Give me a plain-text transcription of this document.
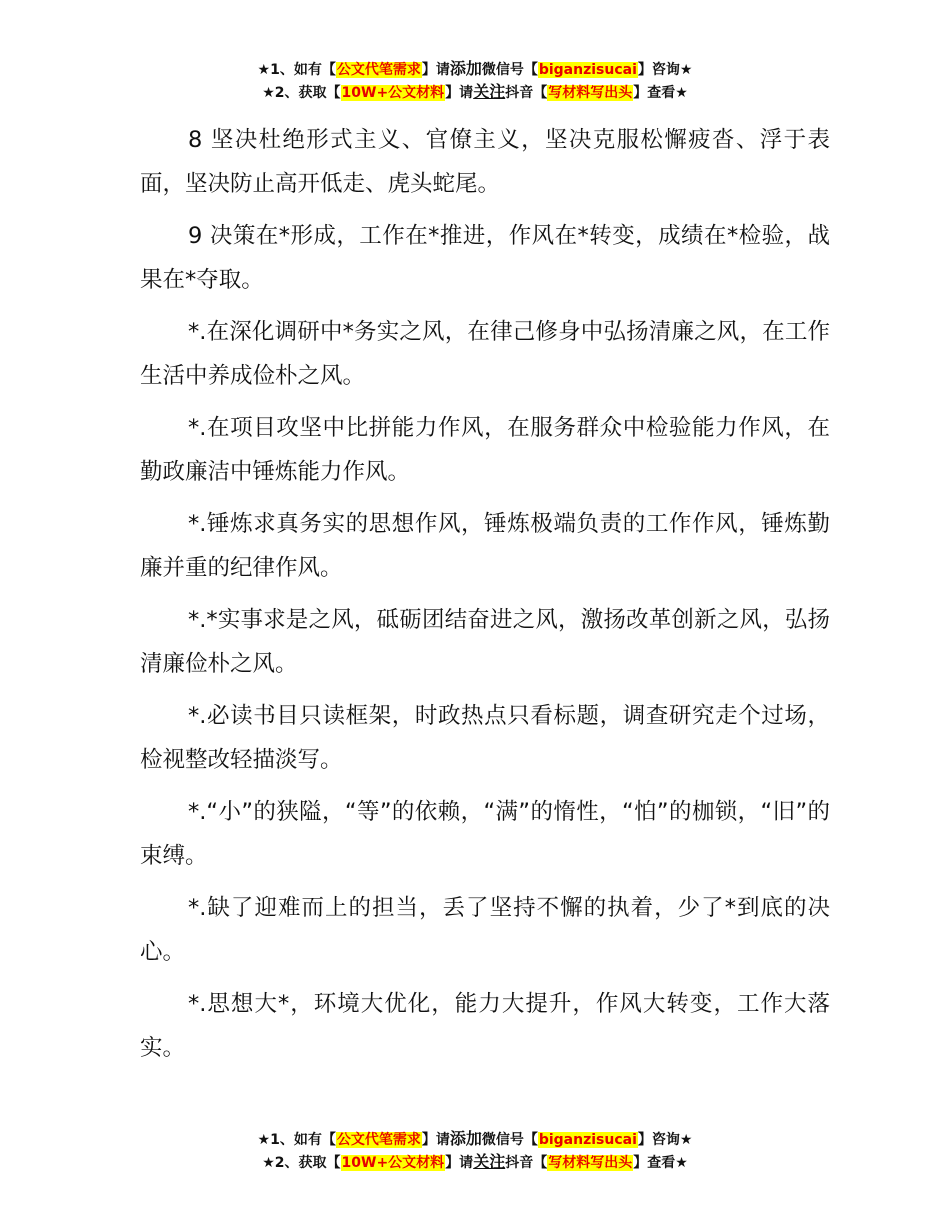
★1、如有【公文代笔需求】请添加微信号【biganzisucai】咨询★
★2、获取【10W+公文材料】请关注抖音【写材料写出头】查看★

8 坚决杜绝形式主义、官僚主义，坚决克服松懈疲沓、浮于表面，坚决防止高开低走、虎头蛇尾。

9 决策在*形成，工作在*推进，作风在*转变，成绩在*检验，战果在*夺取。

*.在深化调研中*务实之风，在律己修身中弘扬清廉之风，在工作生活中养成俭朴之风。

*.在项目攻坚中比拼能力作风，在服务群众中检验能力作风，在勤政廉洁中锤炼能力作风。

*.锤炼求真务实的思想作风，锤炼极端负责的工作作风，锤炼勤廉并重的纪律作风。

*.*实事求是之风，砥砺团结奋进之风，激扬改革创新之风，弘扬清廉俭朴之风。

*.必读书目只读框架，时政热点只看标题，调查研究走个过场，检视整改轻描淡写。

*.“小”的狭隘，“等”的依赖，“满”的惰性，“怕”的枷锁，“旧”的束缚。

*.缺了迎难而上的担当，丢了坚持不懈的执着，少了*到底的决心。

*.思想大*，环境大优化，能力大提升，作风大转变，工作大落实。

★1、如有【公文代笔需求】请添加微信号【biganzisucai】咨询★
★2、获取【10W+公文材料】请关注抖音【写材料写出头】查看★
